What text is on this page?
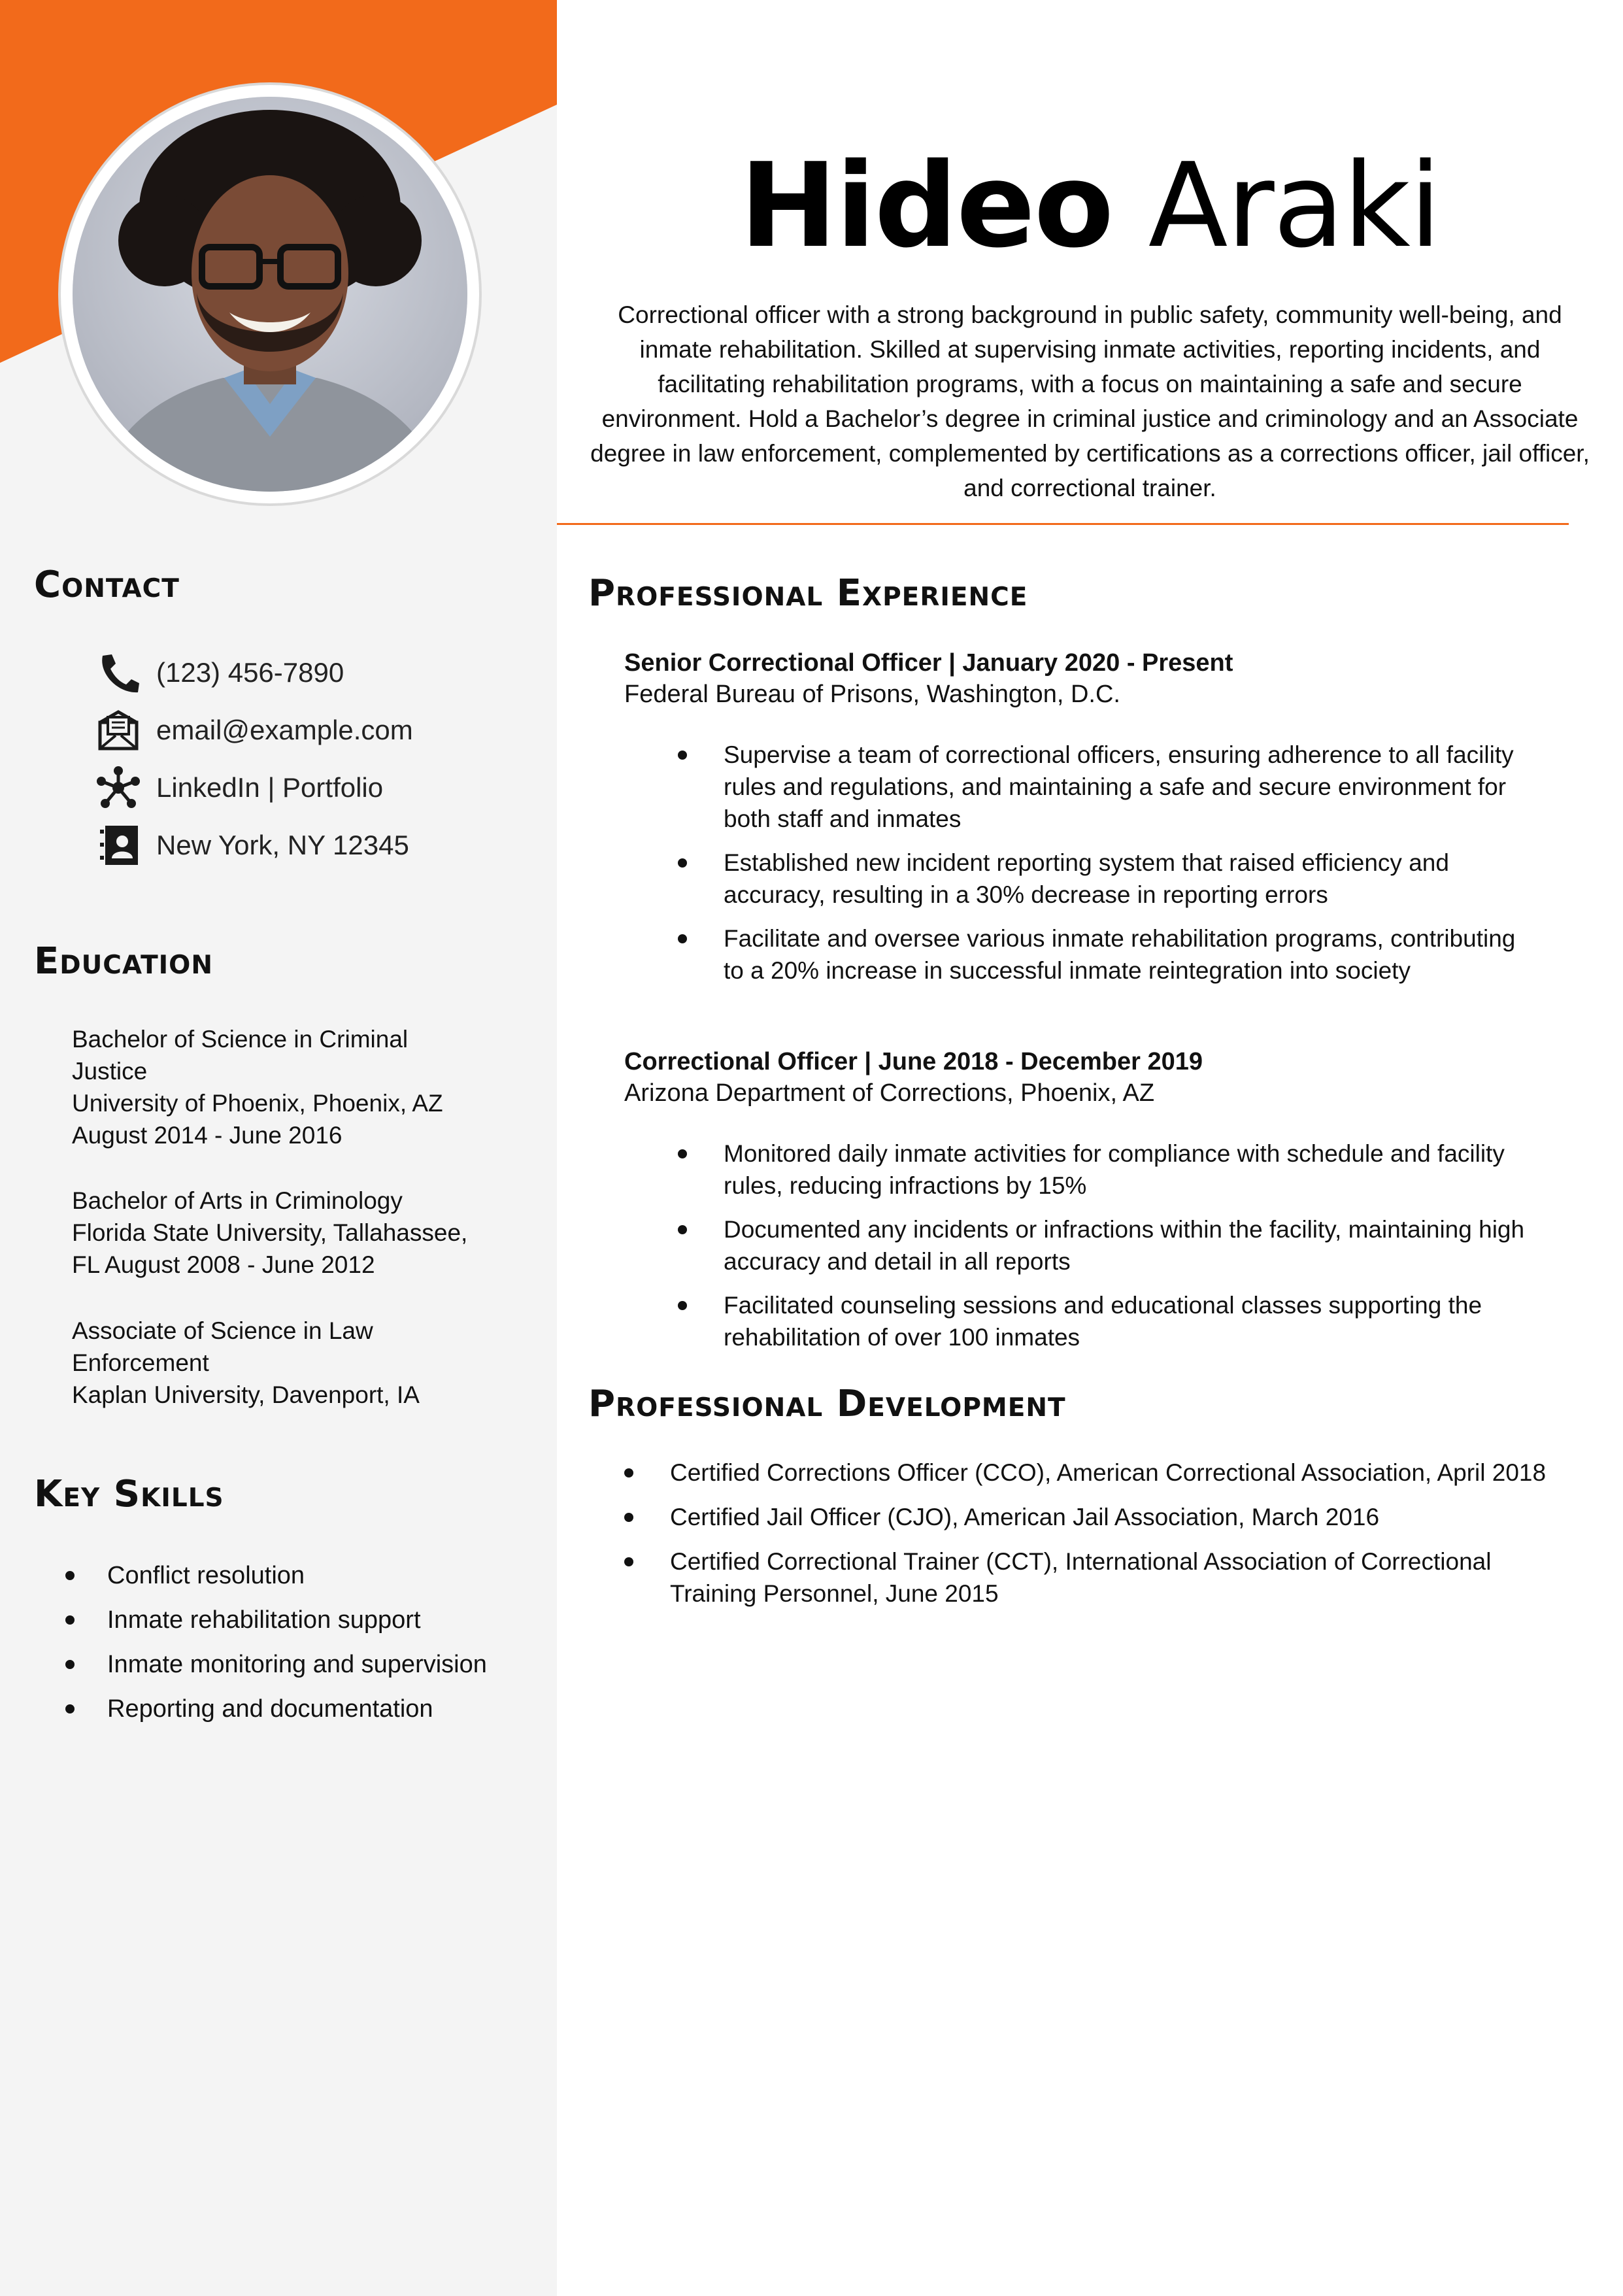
Contact
(123) 456-7890
email@example.com
LinkedIn | Portfolio
New York, NY 12345
Education
Bachelor of Science in Criminal
Justice
University of Phoenix, Phoenix, AZ
August 2014 - June 2016
Bachelor of Arts in Criminology
Florida State University, Tallahassee,
FL August 2008 - June 2012
Associate of Science in Law
Enforcement
Kaplan University, Davenport, IA
Key Skills
Conflict resolution
Inmate rehabilitation support
Inmate monitoring and supervision
Reporting and documentation
Hideo Araki

Correctional officer with a strong background in public safety, community well-being, and inmate rehabilitation. Skilled at supervising inmate activities, reporting incidents, and facilitating rehabilitation programs, with a focus on maintaining a safe and secure environment. Hold a Bachelor’s degree in criminal justice and criminology and an Associate degree in law enforcement, complemented by certifications as a corrections officer, jail officer, and correctional trainer.

Professional Experience
Senior Correctional Officer | January 2020 - Present
Federal Bureau of Prisons, Washington, D.C.
Supervise a team of correctional officers, ensuring adherence to all facility rules and regulations, and maintaining a safe and secure environment for both staff and inmates
Established new incident reporting system that raised efficiency and accuracy, resulting in a 30% decrease in reporting errors
Facilitate and oversee various inmate rehabilitation programs, contributing to a 20% increase in successful inmate reintegration into society
Correctional Officer | June 2018 - December 2019
Arizona Department of Corrections, Phoenix, AZ
Monitored daily inmate activities for compliance with schedule and facility rules, reducing infractions by 15%
Documented any incidents or infractions within the facility, maintaining high accuracy and detail in all reports
Facilitated counseling sessions and educational classes supporting the rehabilitation of over 100 inmates
Professional Development
Certified Corrections Officer (CCO), American Correctional Association, April 2018
Certified Jail Officer (CJO), American Jail Association, March 2016
Certified Correctional Trainer (CCT), International Association of Correctional Training Personnel, June 2015
